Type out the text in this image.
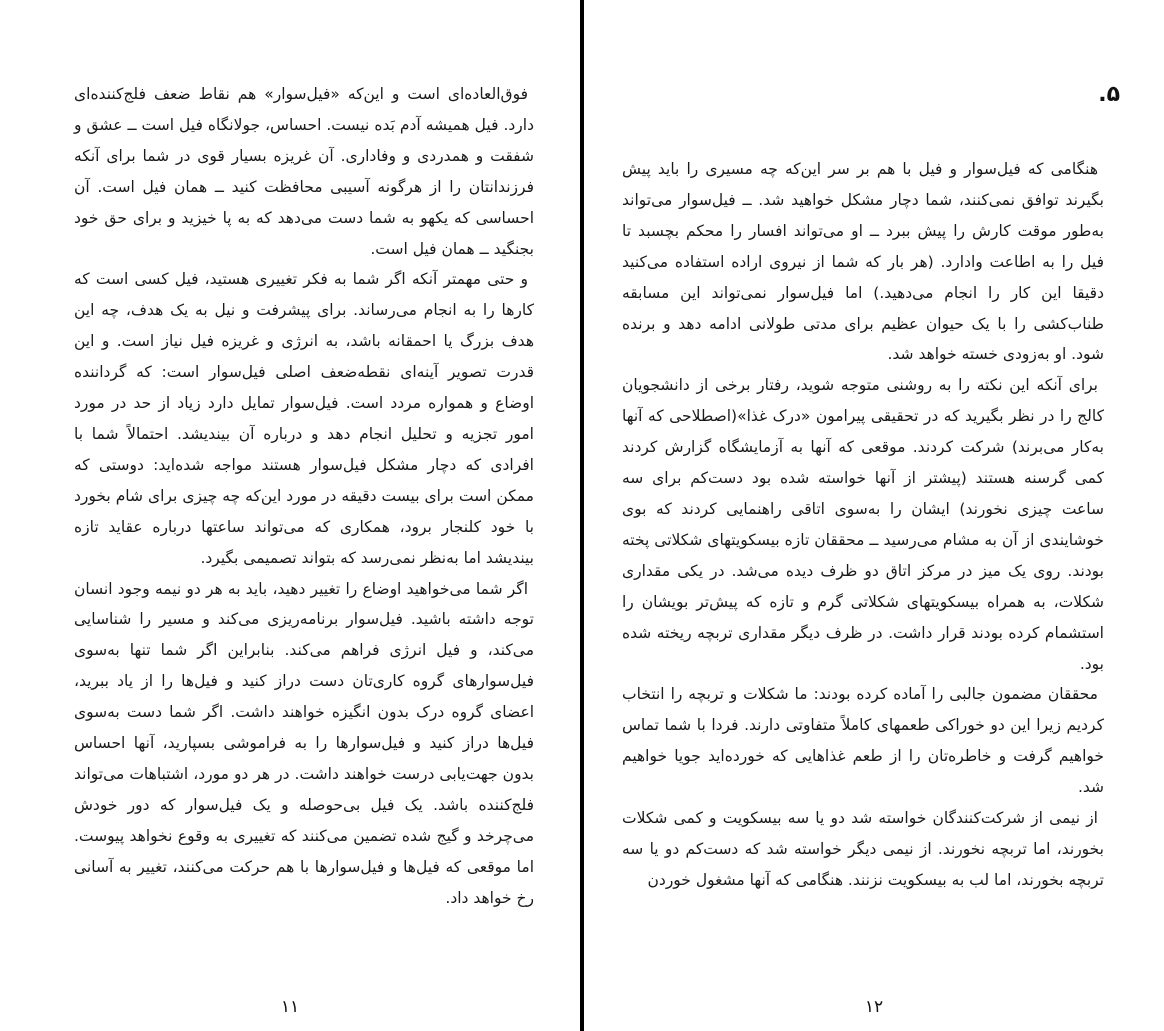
فوق‌العاده‌ای است و این‌که «فیل‌سوار» هم نقاط ضعف فلج‌کننده‌ای دارد. فیل همیشه آدم بَده نیست. احساس، جولانگاه فیل است ــ عشق و شفقت و همدردی و وفاداری. آن غریزه بسیار قوی در شما برای آنکه فرزندانتان را از هرگونه آسیبی محافظت کنید ــ همان فیل است. آن احساسی که یکهو به شما دست می‌دهد که به پا خیزید و برای حق خود بجنگید ــ همان فیل است.

و حتی مهمتر آنکه اگر شما به فکر تغییری هستید، فیل کسی است که کارها را به انجام می‌رساند. برای پیشرفت و نیل به یک هدف، چه این هدف بزرگ یا احمقانه باشد، به انرژی و غریزه فیل نیاز است. و این قدرت تصویر آینه‌ای نقطه‌ضعف اصلی فیل‌سوار است: که گرداننده اوضاع و همواره مردد است. فیل‌سوار تمایل دارد زیاد از حد در مورد امور تجزیه و تحلیل انجام دهد و درباره آن بیندیشد. احتمالاً شما با افرادی که دچار مشکل فیل‌سوار هستند مواجه شده‌اید: دوستی که ممکن است برای بیست دقیقه در مورد این‌که چه چیزی برای شام بخورد با خود کلنجار برود، همکاری که می‌تواند ساعتها درباره عقاید تازه بیندیشد اما به‌نظر نمی‌رسد که بتواند تصمیمی بگیرد.

اگر شما می‌خواهید اوضاع را تغییر دهید، باید به هر دو نیمه وجود انسان توجه داشته باشید. فیل‌سوار برنامه‌ریزی می‌کند و مسیر را شناسایی می‌کند، و فیل انرژی فراهم می‌کند. بنابراین اگر شما تنها به‌سوی فیل‌سوارهای گروه کاری‌تان دست دراز کنید و فیل‌ها را از یاد ببرید، اعضای گروه درک بدون انگیزه خواهند داشت. اگر شما دست به‌سوی فیل‌ها دراز کنید و فیل‌سوارها را به فراموشی بسپارید، آنها احساس بدون جهت‌یابی درست خواهند داشت. در هر دو مورد، اشتباهات می‌تواند فلج‌کننده باشد. یک فیل بی‌حوصله و یک فیل‌سوار که دور خودش می‌چرخد و گیج شده تضمین می‌کنند که تغییری به وقوع نخواهد پیوست. اما موقعی که فیل‌ها و فیل‌سوارها با هم حرکت می‌کنند، تغییر به آسانی رخ خواهد داد.

۱۱
۵.

هنگامی که فیل‌سوار و فیل با هم بر سر این‌که چه مسیری را باید پیش بگیرند توافق نمی‌کنند، شما دچار مشکل خواهید شد. ــ فیل‌سوار می‌تواند به‌طور موقت کارش را پیش ببرد ــ او می‌تواند افسار را محکم بچسبد تا فیل را به اطاعت وادارد. (هر بار که شما از نیروی اراده استفاده می‌کنید دقیقا این کار را انجام می‌دهید.) اما فیل‌سوار نمی‌تواند این مسابقه طناب‌کشی را با یک حیوان عظیم برای مدتی طولانی ادامه دهد و برنده شود. او به‌زودی خسته خواهد شد.

برای آنکه این نکته را به روشنی متوجه شوید، رفتار برخی از دانشجویان کالج را در نظر بگیرید که در تحقیقی پیرامون «درک غذا»(اصطلاحی که آنها به‌کار می‌برند) شرکت کردند. موقعی که آنها به آزمایشگاه گزارش کردند کمی گرسنه هستند (پیشتر از آنها خواسته شده بود دست‌کم برای سه ساعت چیزی نخورند) ایشان را به‌سوی اتاقی راهنمایی کردند که بوی خوشایندی از آن به مشام می‌رسید ــ محققان تازه بیسکویتهای شکلاتی پخته بودند. روی یک میز در مرکز اتاق دو ظرف دیده می‌شد. در یکی مقداری شکلات، به همراه بیسکویتهای شکلاتی گرم و تازه که پیش‌تر بویشان را استشمام کرده بودند قرار داشت. در ظرف دیگر مقداری تربچه ریخته شده بود.

محققان مضمون جالبی را آماده کرده بودند: ما شکلات و تربچه را انتخاب کردیم زیرا این دو خوراکی طعمهای کاملاً متفاوتی دارند. فردا با شما تماس خواهیم گرفت و خاطره‌تان را از طعم غذاهایی که خورده‌اید جویا خواهیم شد.

از نیمی از شرکت‌کنندگان خواسته شد دو یا سه بیسکویت و کمی شکلات بخورند، اما تربچه نخورند. از نیمی دیگر خواسته شد که دست‌کم دو یا سه تربچه بخورند، اما لب به بیسکویت نزنند. هنگامی که آنها مشغول خوردن

۱۲
